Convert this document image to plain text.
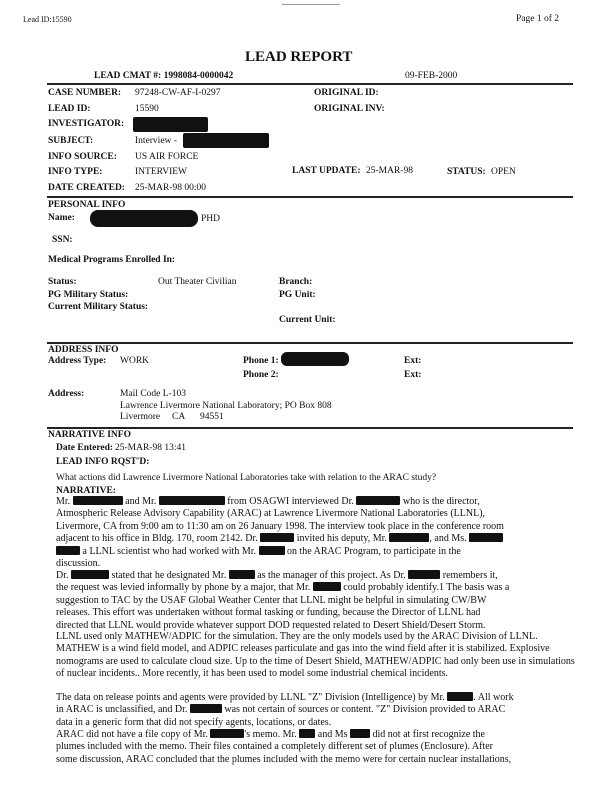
Lead ID:15590	Page 1 of 2
LEAD REPORT
LEAD CMAT #: 1998084-0000042	09-FEB-2000
CASE NUMBER: 97248-CW-AF-I-0297	ORIGINAL ID:
LEAD ID:	15590	ORIGINAL INV:
INVESTIGATOR:
SUBJECT:	Interview -
INFO SOURCE: US AIR FORCE
INFO TYPE:	INTERVIEW	LAST UPDATE: 25-MAR-98	STATUS: OPEN
DATE CREATED: 25-MAR-98 00:00
PERSONAL INFO
Name:	PHD
SSN:
Medical Programs Enrolled In:
Status:	Out Theater Civilian	Branch:
PG Military Status:	PG Unit:
Current Military Status:
Current Unit:
ADDRESS INFO
Address Type: WORK	Phone 1:	Ext:
Phone 2:	Ext:
Address:	Mail Code L-103
Lawrence Livermore National Laboratory; PO Box 808
Livermore CA 94551
NARRATIVE INFO
Date Entered: 25-MAR-98 13:41
LEAD INFO RQST'D:
What actions did Lawrence Livermore National Laboratories take with relation to the ARAC study?
NARRATIVE:
Mr.	and Mr.	from OSAGWI interviewed Dr.	who is the director,
Atmospheric Release Advisory Capability (ARAC) at Lawrence Livermore National Laboratories (LLNL),
Livermore, CA from 9:00 am to 11:30 am on 26 January 1998. The interview took place in the conference room
adjacent to his office in Bldg. 170, room 2142. Dr.	invited his deputy, Mr.	, and Ms.
a LLNL scientist who had worked with Mr.	on the ARAC Program, to participate in the
discussion.
Dr.	stated that he designated Mr.	as the manager of this project. As Dr.	remembers it,
the request was levied informally by phone by a major, that Mr.	could probably identify.1 The basis was a
suggestion to TAC by the USAF Global Weather Center that LLNL might be helpful in simulating CW/BW
releases. This effort was undertaken without formal tasking or funding, because the Director of LLNL had
directed that LLNL would provide whatever support DOD requested related to Desert Shield/Desert Storm.
LLNL used only MATHEW/ADPIC for the simulation. They are the only models used by the ARAC Division of LLNL. MATHEW is a wind field model, and ADPIC releases particulate and gas into the wind field after it is stabilized. Explosive nomograms are used to calculate cloud size. Up to the time of Desert Shield, MATHEW/ADPIC had only been use in simulations of nuclear incidents.. More recently, it has been used to model some industrial chemical incidents.
The data on release points and agents were provided by LLNL "Z" Division (Intelligence) by Mr.	. All work
in ARAC is unclassified, and Dr.	was not certain of sources or content. "Z" Division provided to ARAC
data in a generic form that did not specify agents, locations, or dates.
ARAC did not have a file copy of Mr.	's memo. Mr.  and Ms  did not at first recognize the
plumes included with the memo. Their files contained a completely different set of plumes (Enclosure). After
some discussion, ARAC concluded that the plumes included with the memo were for certain nuclear installations,
